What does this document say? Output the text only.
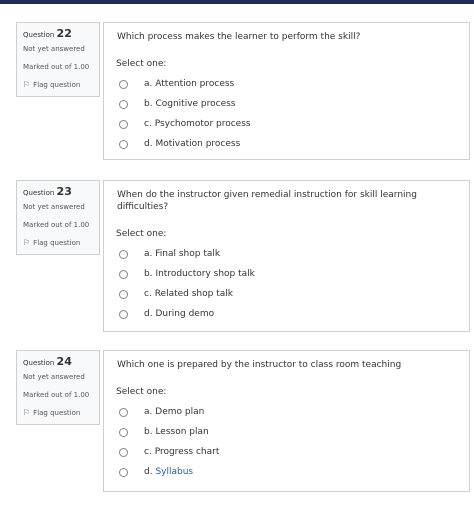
Question 22
Not yet answered
Marked out of 1.00
⚐ Flag question
Which process makes the learner to perform the skill?
Select one:
a.
Attention process
b.
Cognitive process
c.
Psychomotor process
d.
Motivation process
Question 23
Not yet answered
Marked out of 1.00
⚐ Flag question
When do the instructor given remedial instruction for skill learning difficulties?
Select one:
a.
Final shop talk
b.
Introductory shop talk
c.
Related shop talk
d.
During demo
Question 24
Not yet answered
Marked out of 1.00
⚐ Flag question
Which one is prepared by the instructor to class room teaching
Select one:
a.
Demo plan
b.
Lesson plan
c.
Progress chart
d.
Syllabus
